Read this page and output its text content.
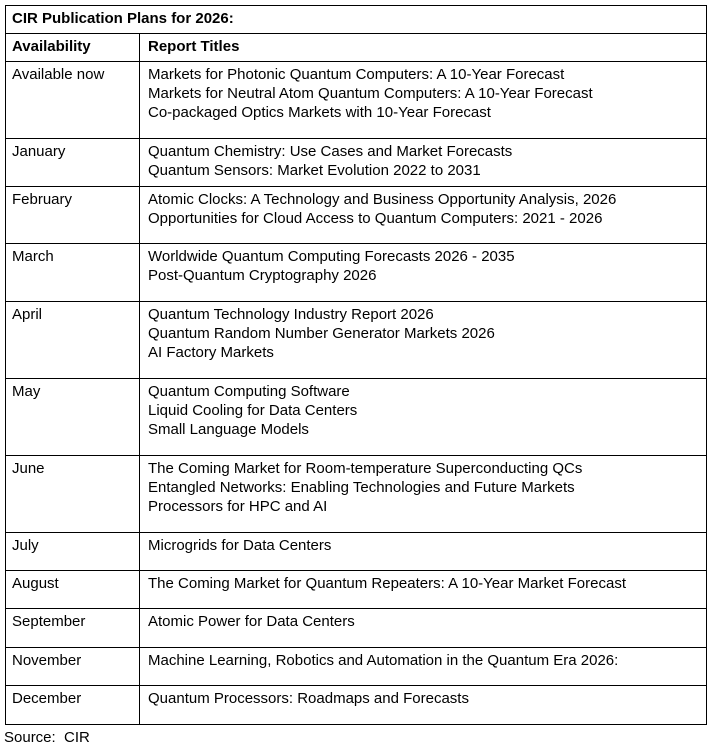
CIR Publication Plans for 2026:	
Availability	Report Titles
Available now	Markets for Photonic Quantum Computers: A 10-Year Forecast
Markets for Neutral Atom Quantum Computers: A 10-Year Forecast
Co-packaged Optics Markets with 10-Year Forecast

January	Quantum Chemistry: Use Cases and Market Forecasts
Quantum Sensors: Market Evolution 2022 to 2031

February	Atomic Clocks: A Technology and Business Opportunity Analysis, 2026
Opportunities for Cloud Access to Quantum Computers: 2021 - 2026

March	Worldwide Quantum Computing Forecasts 2026 - 2035
Post-Quantum Cryptography 2026

April	Quantum Technology Industry Report 2026
Quantum Random Number Generator Markets 2026
AI Factory Markets

May	Quantum Computing Software
Liquid Cooling for Data Centers
Small Language Models

June	The Coming Market for Room-temperature Superconducting QCs
Entangled Networks: Enabling Technologies and Future Markets
Processors for HPC and AI

July	Microgrids for Data Centers

August	The Coming Market for Quantum Repeaters: A 10-Year Market Forecast

September	Atomic Power for Data Centers

November	Machine Learning, Robotics and Automation in the Quantum Era 2026:

December	Quantum Processors: Roadmaps and Forecasts
Source:  CIR
